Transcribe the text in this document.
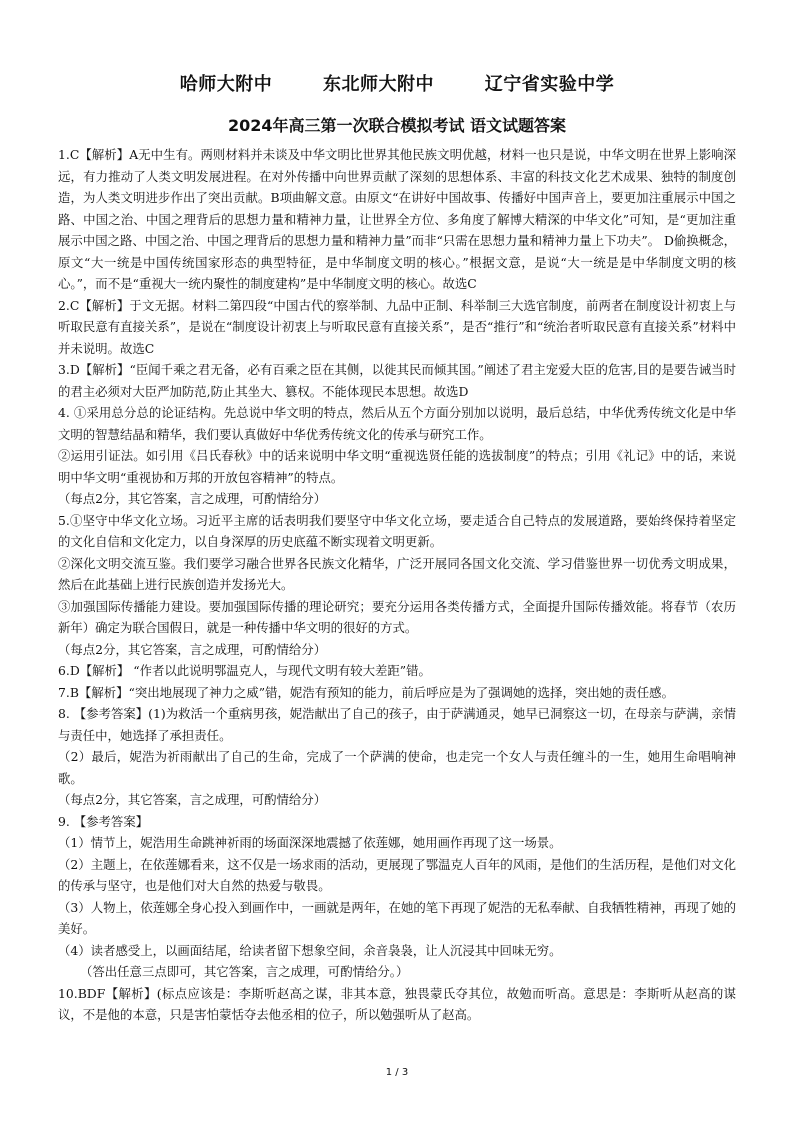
哈师大附中	东北师大附中	辽宁省实验中学
2024年高三第一次联合模拟考试 语文试题答案

1.C【解析】A无中生有。两则材料并未谈及中华文明比世界其他民族文明优越，材料一也只是说，中华文明在世界上影响深远，有力推动了人类文明发展进程。在对外传播中向世界贡献了深刻的思想体系、丰富的科技文化艺术成果、独特的制度创造，为人类文明进步作出了突出贡献。B项曲解文意。由原文“在讲好中国故事、传播好中国声音上，要更加注重展示中国之路、中国之治、中国之理背后的思想力量和精神力量，让世界全方位、多角度了解博大精深的中华文化”可知，是“更加注重展示中国之路、中国之治、中国之理背后的思想力量和精神力量”而非“只需在思想力量和精神力量上下功夫”。 D偷换概念，原文“大一统是中国传统国家形态的典型特征，是中华制度文明的核心。”根据文意，是说“大一统是是中华制度文明的核心。”，而不是“重视大一统内聚性的制度建构”是中华制度文明的核心。故选C

2.C【解析】于文无据。材料二第四段“中国古代的察举制、九品中正制、科举制三大选官制度，前两者在制度设计初衷上与听取民意有直接关系”，是说在“制度设计初衷上与听取民意有直接关系”，是否“推行”和“统治者听取民意有直接关系”材料中并未说明。故选C

3.D【解析】“臣闻千乘之君无备，必有百乘之臣在其侧，以徙其民而倾其国。”阐述了君主宠爱大臣的危害,目的是要告诫当时的君主必须对大臣严加防范,防止其坐大、篡权。不能体现民本思想。故选D

4. ①采用总分总的论证结构。先总说中华文明的特点，然后从五个方面分别加以说明，最后总结，中华优秀传统文化是中华文明的智慧结晶和精华，我们要认真做好中华优秀传统文化的传承与研究工作。

②运用引证法。如引用《吕氏春秋》中的话来说明中华文明“重视选贤任能的选拔制度”的特点；引用《礼记》中的话，来说明中华文明“重视协和万邦的开放包容精神”的特点。

（每点2分，其它答案，言之成理，可酌情给分）

5.①坚守中华文化立场。习近平主席的话表明我们要坚守中华文化立场，要走适合自己特点的发展道路，要始终保持着坚定的文化自信和文化定力，以自身深厚的历史底蕴不断实现着文明更新。

②深化文明交流互鉴。我们要学习融合世界各民族文化精华，广泛开展同各国文化交流、学习借鉴世界一切优秀文明成果，然后在此基础上进行民族创造并发扬光大。

③加强国际传播能力建设。要加强国际传播的理论研究；要充分运用各类传播方式，全面提升国际传播效能。将春节（农历新年）确定为联合国假日，就是一种传播中华文明的很好的方式。

（每点2分，其它答案，言之成理，可酌情给分）

6.D【解析】 “作者以此说明鄂温克人，与现代文明有较大差距”错。

7.B【解析】“突出地展现了神力之威”错，妮浩有预知的能力，前后呼应是为了强调她的选择，突出她的责任感。

8. 【参考答案】(1)为救活一个重病男孩，妮浩献出了自己的孩子，由于萨满通灵，她早已洞察这一切，在母亲与萨满，亲情与责任中，她选择了承担责任。

（2）最后，妮浩为祈雨献出了自己的生命，完成了一个萨满的使命，也走完一个女人与责任缠斗的一生，她用生命唱响神歌。

（每点2分，其它答案，言之成理，可酌情给分）

9. 【参考答案】

（1）情节上，妮浩用生命跳神祈雨的场面深深地震撼了依莲娜，她用画作再现了这一场景。

（2）主题上，在依莲娜看来，这不仅是一场求雨的活动，更展现了鄂温克人百年的风雨，是他们的生活历程，是他们对文化的传承与坚守，也是他们对大自然的热爱与敬畏。

（3）人物上，依莲娜全身心投入到画作中，一画就是两年，在她的笔下再现了妮浩的无私奉献、自我牺牲精神，再现了她的美好。

（4）读者感受上，以画面结尾，给读者留下想象空间，余音袅袅，让人沉浸其中回味无穷。

（答出任意三点即可，其它答案，言之成理，可酌情给分。）

10.BDF【解析】(标点应该是：李斯听赵高之谋，非其本意，独畏蒙氏夺其位，故勉而听高。意思是：李斯听从赵高的谋议，不是他的本意，只是害怕蒙恬夺去他丞相的位子，所以勉强听从了赵高。

1 / 3
